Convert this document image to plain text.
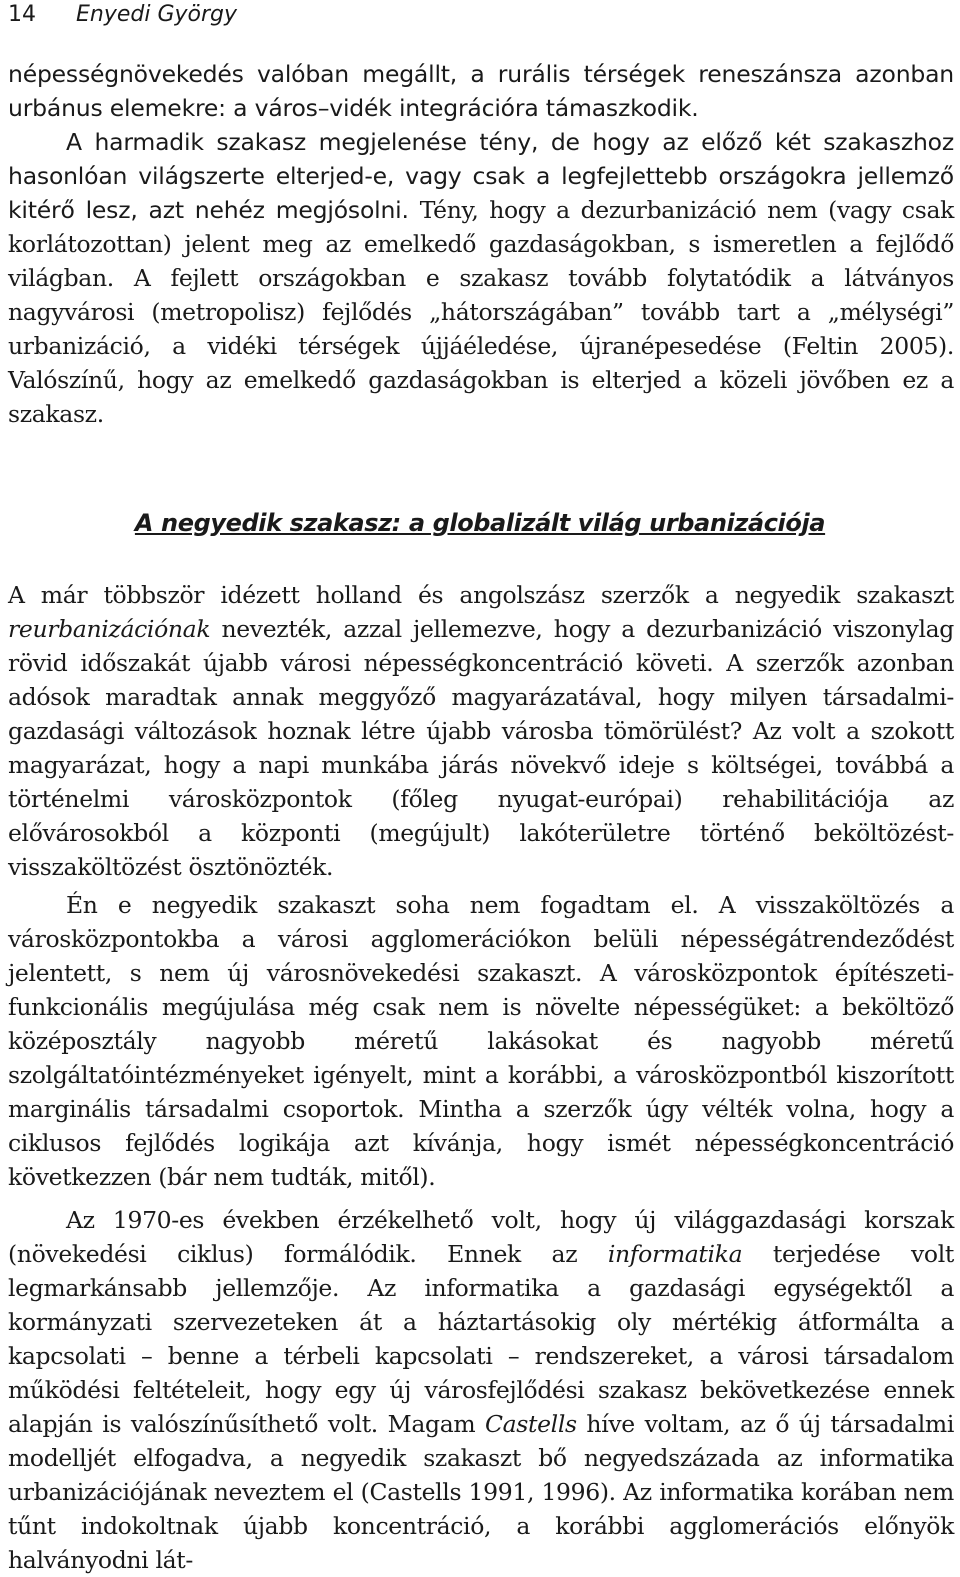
14 Enyedi György

népességnövekedés valóban megállt, a rurális térségek reneszánsza azonban urbánus elemekre: a város–vidék integrációra támaszkodik.
A harmadik szakasz megjelenése tény, de hogy az előző két szakaszhoz hasonlóan világszerte elterjed-e, vagy csak a legfejlettebb országokra jellemző kitérő lesz, azt nehéz megjósolni. Tény, hogy a dezurbanizáció nem (vagy csak korlátozottan) jelent meg az emelkedő gazdaságokban, s ismeretlen a fejlődő világban. A fejlett országokban e szakasz tovább folytatódik a látványos nagyvárosi (metropolisz) fejlődés „hátországában” tovább tart a „mélységi” urbanizáció, a vidéki térségek újjáéledése, újranépesedése (Feltin 2005). Valószínű, hogy az emelkedő gazdaságokban is elterjed a közeli jövőben ez a szakasz.

A negyedik szakasz: a globalizált világ urbanizációja

A már többször idézett holland és angolszász szerzők a negyedik szakaszt reurbanizációnak nevezték, azzal jellemezve, hogy a dezurbanizáció viszonylag rövid időszakát újabb városi népességkoncentráció követi. A szerzők azonban adósok maradtak annak meggyőző magyarázatával, hogy milyen társadalmi-gazdasági változások hoznak létre újabb városba tömörülést? Az volt a szokott magyarázat, hogy a napi munkába járás növekvő ideje s költségei, továbbá a történelmi városközpontok (főleg nyugat-európai) rehabilitációja az elővárosokból a központi (megújult) lakóterületre történő beköltözést-visszaköltözést ösztönözték.

Én e negyedik szakaszt soha nem fogadtam el. A visszaköltözés a városközpontokba a városi agglomerációkon belüli népességátrendeződést jelentett, s nem új városnövekedési szakaszt. A városközpontok építészeti-funkcionális megújulása még csak nem is növelte népességüket: a beköltöző középosztály nagyobb méretű lakásokat és nagyobb méretű szolgáltatóintézményeket igényelt, mint a korábbi, a városközpontból kiszorított marginális társadalmi csoportok. Mintha a szerzők úgy vélték volna, hogy a ciklusos fejlődés logikája azt kívánja, hogy ismét népességkoncentráció következzen (bár nem tudták, mitől).

Az 1970-es években érzékelhető volt, hogy új világgazdasági korszak (növekedési ciklus) formálódik. Ennek az informatika terjedése volt legmarkánsabb jellemzője. Az informatika a gazdasági egységektől a kormányzati szervezeteken át a háztartásokig oly mértékig átformálta a kapcsolati – benne a térbeli kapcsolati – rendszereket, a városi társadalom működési feltételeit, hogy egy új városfejlődési szakasz bekövetkezése ennek alapján is valószínűsíthető volt. Magam Castells híve voltam, az ő új társadalmi modelljét elfogadva, a negyedik szakaszt bő negyedszázada az informatika urbanizációjának neveztem el (Castells 1991, 1996). Az informatika korában nem tűnt indokoltnak újabb koncentráció, a korábbi agglomerációs előnyök halványodni lát-
